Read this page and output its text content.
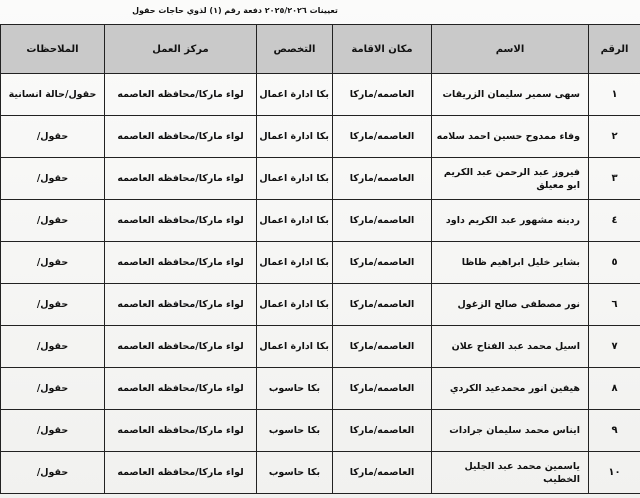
تعيينات ٢٠٢٥/٢٠٢٦ دفعة رقم (١) لذوي حاجات حقول
الرقم	الاسم	مكان الاقامة	التخصص	مركز العمل	الملاحظات
١	سهى سمير سليمان الزريقات	العاصمه/ماركا	بكا ادارة اعمال	لواء ماركا/محافظه العاصمه	حقول/حالة انسانية
٢	وفاء ممدوح حسين احمد سلامه	العاصمه/ماركا	بكا ادارة اعمال	لواء ماركا/محافظه العاصمه	حقول/
٣	فيروز عبد الرحمن عبد الكريم ابو معيلق	العاصمه/ماركا	بكا ادارة اعمال	لواء ماركا/محافظه العاصمه	حقول/
٤	ردينه مشهور عبد الكريم داود	العاصمه/ماركا	بكا ادارة اعمال	لواء ماركا/محافظه العاصمه	حقول/
٥	بشاير خليل ابراهيم ظاظا	العاصمه/ماركا	بكا ادارة اعمال	لواء ماركا/محافظه العاصمه	حقول/
٦	نور مصطفى صالح الزغول	العاصمه/ماركا	بكا ادارة اعمال	لواء ماركا/محافظه العاصمه	حقول/
٧	اسيل محمد عبد الفتاح علان	العاصمه/ماركا	بكا ادارة اعمال	لواء ماركا/محافظه العاصمه	حقول/
٨	هيفين انور محمدعيد الكردي	العاصمه/ماركا	بكا حاسوب	لواء ماركا/محافظه العاصمه	حقول/
٩	ايناس محمد سليمان جرادات	العاصمه/ماركا	بكا حاسوب	لواء ماركا/محافظه العاصمه	حقول/
١٠	ياسمين محمد عبد الجليل الخطيب	العاصمه/ماركا	بكا حاسوب	لواء ماركا/محافظه العاصمه	حقول/
